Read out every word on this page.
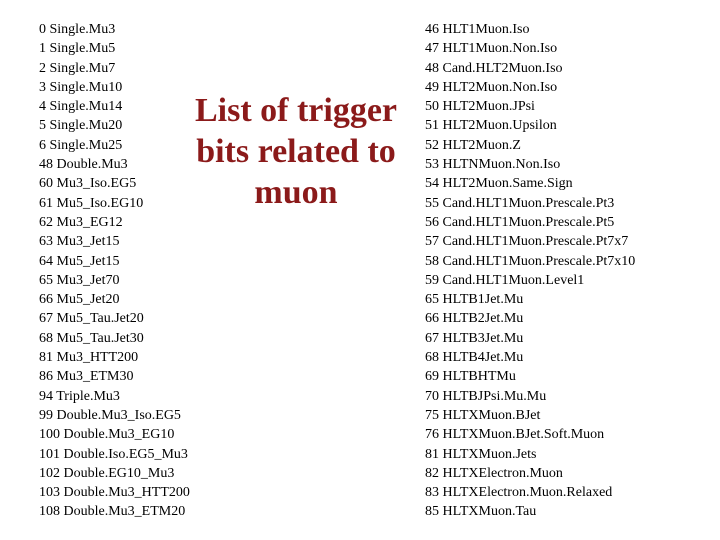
0 Single.Mu3
1 Single.Mu5
2 Single.Mu7
3 Single.Mu10
4 Single.Mu14
5 Single.Mu20
6 Single.Mu25
48 Double.Mu3
60 Mu3_Iso.EG5
61 Mu5_Iso.EG10
62 Mu3_EG12
63 Mu3_Jet15
64 Mu5_Jet15
65 Mu3_Jet70
66 Mu5_Jet20
67 Mu5_Tau.Jet20
68 Mu5_Tau.Jet30
81 Mu3_HTT200
86 Mu3_ETM30
94 Triple.Mu3
99 Double.Mu3_Iso.EG5
100 Double.Mu3_EG10
101 Double.Iso.EG5_Mu3
102 Double.EG10_Mu3
103 Double.Mu3_HTT200
108 Double.Mu3_ETM20
List of trigger bits related to muon
46 HLT1Muon.Iso
47 HLT1Muon.Non.Iso
48 Cand.HLT2Muon.Iso
49 HLT2Muon.Non.Iso
50 HLT2Muon.JPsi
51 HLT2Muon.Upsilon
52 HLT2Muon.Z
53 HLTNMuon.Non.Iso
54 HLT2Muon.Same.Sign
55 Cand.HLT1Muon.Prescale.Pt3
56 Cand.HLT1Muon.Prescale.Pt5
57 Cand.HLT1Muon.Prescale.Pt7x7
58 Cand.HLT1Muon.Prescale.Pt7x10
59 Cand.HLT1Muon.Level1
65 HLTB1Jet.Mu
66 HLTB2Jet.Mu
67 HLTB3Jet.Mu
68 HLTB4Jet.Mu
69 HLTBHTMu
70 HLTBJPsi.Mu.Mu
75 HLTXMuon.BJet
76 HLTXMuon.BJet.Soft.Muon
81 HLTXMuon.Jets
82 HLTXElectron.Muon
83 HLTXElectron.Muon.Relaxed
85 HLTXMuon.Tau
